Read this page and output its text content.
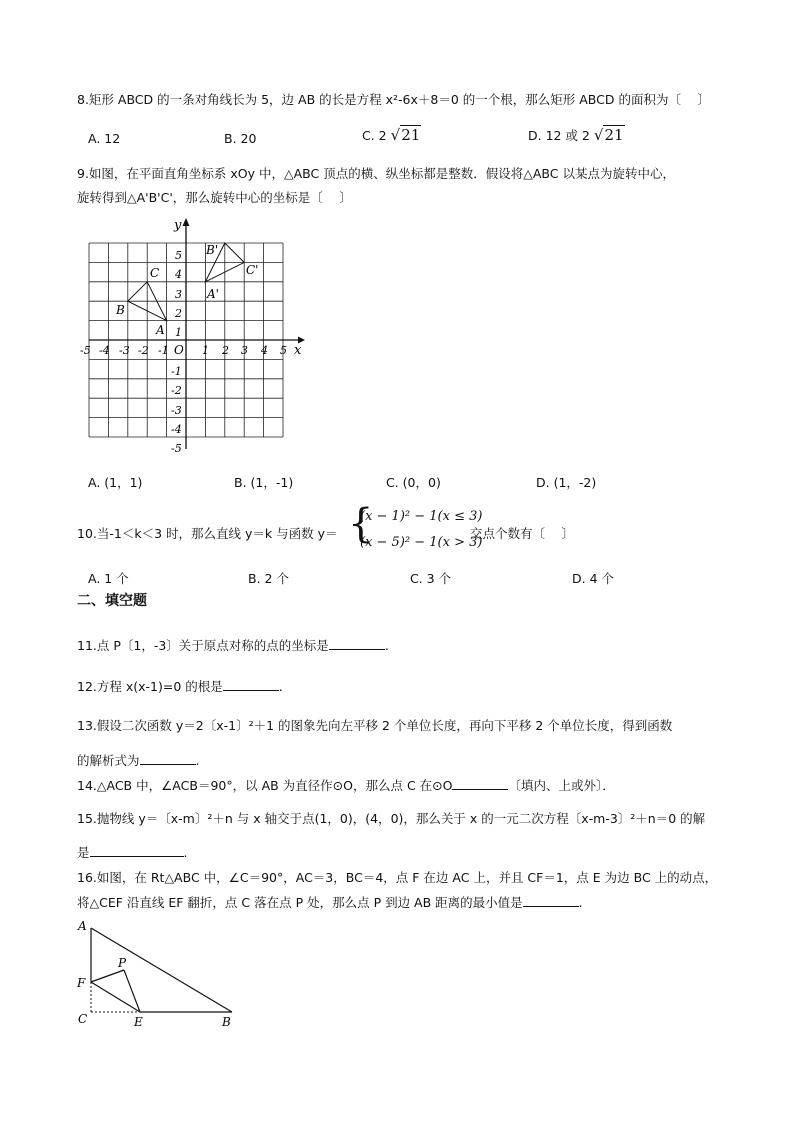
8.矩形 ABCD 的一条对角线长为 5，边 AB 的长是方程 x²-6x＋8＝0 的一个根，那么矩形 ABCD 的面积为〔　 〕
A. 12	B. 20	C. 2 √21	D. 12 或 2 √21
9.如图，在平面直角坐标系 xOy 中，△ABC 顶点的横、纵坐标都是整数．假设将△ABC 以某点为旋转中心，
旋转得到△A'B'C'，那么旋转中心的坐标是〔　 〕
x
y
O
-5 -4 -3 -2 -1	1 2 3 4 5
5
4
3
2
1
-1
-2
-3
-4
-5
A
B
C
A'
B'
C'
A. (1，1)	B. (1，-1)	C. (0，0)	D. (1，-2)
10.当-1＜k＜3 时，那么直线 y＝k 与函数 y＝ {
(x − 1)² − 1(x ≤ 3)
(x − 5)² − 1(x > 3)
交点个数有〔　 〕
A. 1 个	B. 2 个	C. 3 个	D. 4 个
二、填空题
11.点 P〔1，-3〕关于原点对称的点的坐标是	.
12.方程 x(x-1)=0 的根是	.
13.假设二次函数 y＝2〔x-1〕²＋1 的图象先向左平移 2 个单位长度，再向下平移 2 个单位长度，得到函数
的解析式为	.
14.△ACB 中，∠ACB＝90°，以 AB 为直径作⊙O，那么点 C 在⊙O	〔填内、上或外〕．
15.抛物线 y＝〔x-m〕²＋n 与 x 轴交于点(1，0)，(4，0)，那么关于 x 的一元二次方程〔x-m-3〕²＋n＝0 的解
是	.
16.如图，在 Rt△ABC 中，∠C＝90°，AC＝3，BC＝4，点 F 在边 AC 上，并且 CF＝1，点 E 为边 BC 上的动点，
将△CEF 沿直线 EF 翻折，点 C 落在点 P 处，那么点 P 到边 AB 距离的最小值是	.
A
F
P
C	E	B
